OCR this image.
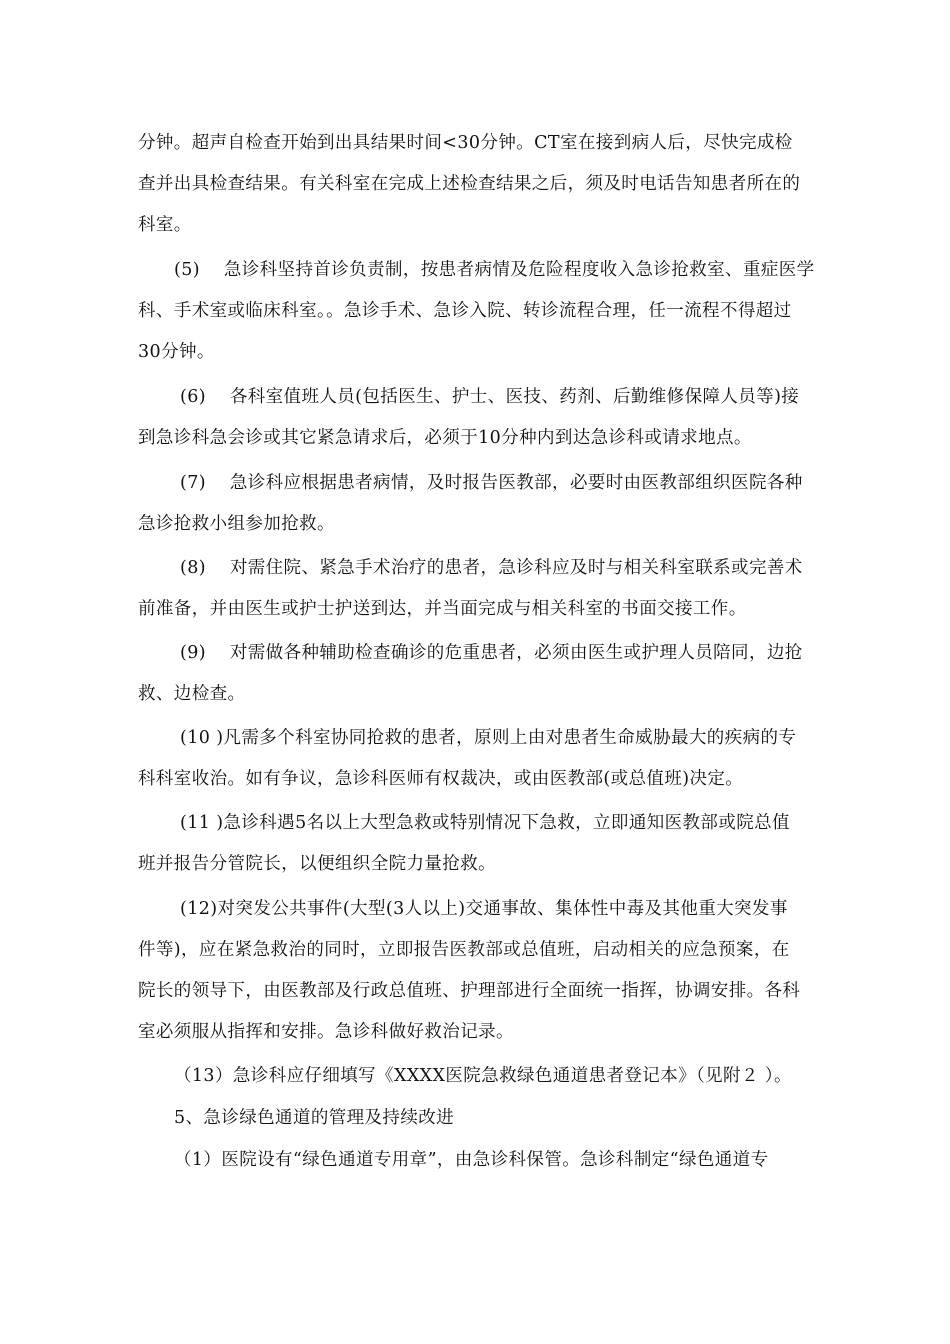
分钟。超声自检查开始到出具结果时间<30分钟。CT室在接到病人后，尽快完成检
查并出具检查结果。有关科室在完成上述检查结果之后，须及时电话告知患者所在的
科室。

(5)　 急诊科坚持首诊负责制，按患者病情及危险程度收入急诊抢救室、重症医学
科、手术室或临床科室。。急诊手术、急诊入院、转诊流程合理，任一流程不得超过
30分钟。

(6)　 各科室值班人员(包括医生、护士、医技、药剂、后勤维修保障人员等)接
到急诊科急会诊或其它紧急请求后，必须于10分种内到达急诊科或请求地点。

(7)　 急诊科应根据患者病情，及时报告医教部，必要时由医教部组织医院各种
急诊抢救小组参加抢救。

(8)　 对需住院、紧急手术治疗的患者，急诊科应及时与相关科室联系或完善术
前准备，并由医生或护士护送到达，并当面完成与相关科室的书面交接工作。

(9)　 对需做各种辅助检查确诊的危重患者，必须由医生或护理人员陪同，边抢
救、边检查。

(10 )凡需多个科室协同抢救的患者，原则上由对患者生命威胁最大的疾病的专
科科室收治。如有争议，急诊科医师有权裁决，或由医教部(或总值班)决定。

(11 )急诊科遇5名以上大型急救或特别情况下急救，立即通知医教部或院总值
班并报告分管院长，以便组织全院力量抢救。

(12)对突发公共事件(大型(3人以上)交通事故、集体性中毒及其他重大突发事
件等)，应在紧急救治的同时，立即报告医教部或总值班，启动相关的应急预案，在
院长的领导下，由医教部及行政总值班、护理部进行全面统一指挥，协调安排。各科
室必须服从指挥和安排。急诊科做好救治记录。

（13）急诊科应仔细填写《XXXX医院急救绿色通道患者登记本》（见附２ ）。

5、急诊绿色通道的管理及持续改进

（1）医院设有“绿色通道专用章”，由急诊科保管。急诊科制定“绿色通道专
